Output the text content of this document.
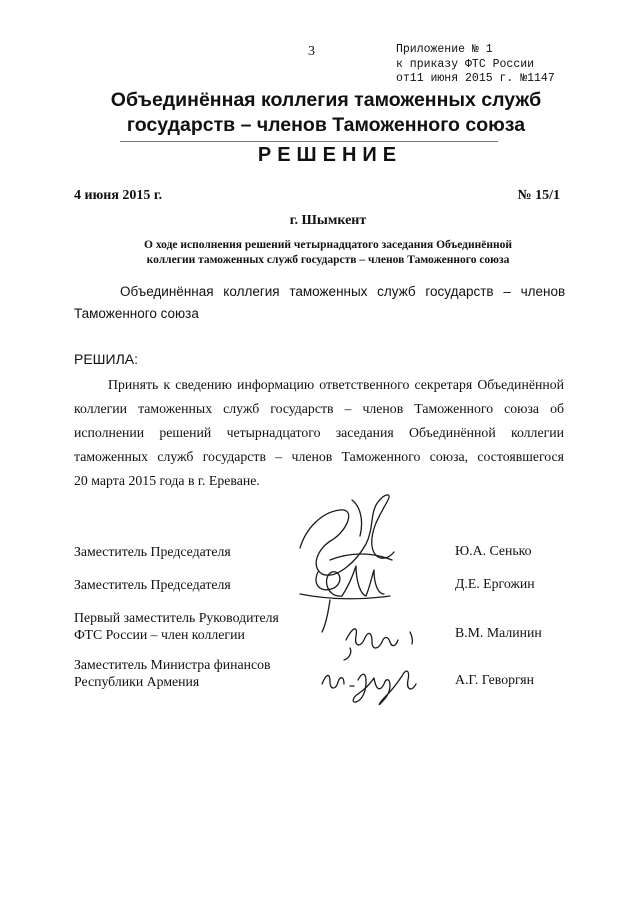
3	Приложение № 1
к приказу ФТС России
от11 июня 2015 г. №1147
Объединённая коллегия таможенных служб
государств – членов Таможенного союза
РЕШЕНИЕ
4 июня 2015 г.	№ 15/1
г. Шымкент
О ходе исполнения решений четырнадцатого заседания Объединённой
коллегии таможенных служб государств – членов Таможенного союза
Объединённая коллегия таможенных служб государств – членов
Таможенного союза
РЕШИЛА:
Принять к сведению информацию ответственного секретаря Объединённой
коллегии таможенных служб государств – членов Таможенного союза об
исполнении решений четырнадцатого заседания Объединённой коллегии
таможенных служб государств – членов Таможенного союза, состоявшегося
20 марта 2015 года в г. Ереване.
Заместитель Председателя	Ю.А. Сенько
Заместитель Председателя	Д.Е. Ергожин
Первый заместитель Руководителя
ФТС России – член коллегии	В.М. Малинин
Заместитель Министра финансов
Республики Армения	А.Г. Геворгян
